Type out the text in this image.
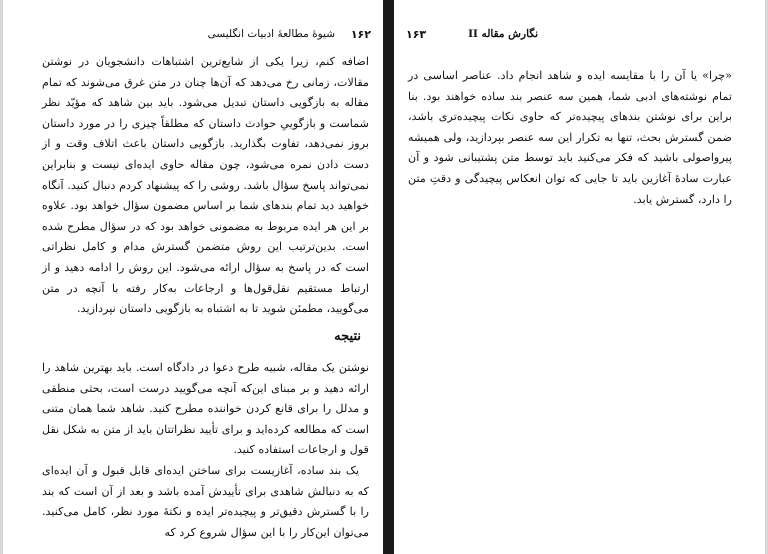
۱۶۲
شیوهٔ مطالعهٔ ادبیات انگلیسی

اضافه کنم، زیرا یکی از شایع‌ترین اشتباهات دانشجویان در نوشتن مقالات، زمانی رخ می‌دهد که آن‌ها چنان در متن غرق می‌شوند که تمام مقاله به بازگویی داستان تبدیل می‌شود. باید بین شاهد که مؤیّد نظر شماست و بازگوییِ حوادث داستان که مطلقاً چیزی را در مورد داستان بروز نمی‌دهد، تفاوت بگذارید. بازگویی داستان باعث اتلاف وقت و از دست دادن نمره می‌شود، چون مقاله حاوی ایده‌ای نیست و بنابراین نمی‌تواند پاسخ سؤال باشد. روشی را که پیشنهاد کردم دنبال کنید. آنگاه خواهید دید تمام بندهای شما بر اساس مضمون سؤال خواهد بود. علاوه بر این هر ایده مربوط به مضمونی خواهد بود که در سؤال مطرح شده است. بدین‌ترتیب این روش متضمن گسترش مدام و کامل نظراتی است که در پاسخ به سؤال ارائه می‌شود. این روش را ادامه دهید و از ارتباط مستقیم نقل‌قول‌ها و ارجاعات به‌کار رفته با آنچه در متن می‌گویید، مطمئن شوید تا به اشتباه به بازگویی داستان نپردازید.

نتیجه

نوشتن یک مقاله، شبیه طرح دعوا در دادگاه است. باید بهترین شاهد را ارائه دهید و بر مبنای این‌که آنچه می‌گویید درست است، بحثی منطقی و مدلل را برای قانع کردن خواننده مطرح کنید. شاهد شما همان متنی است که مطالعه کرده‌اید و برای تأیید نظراتتان باید از متن به شکل نقل قول و ارجاعات استفاده کنید.

یک بند ساده، آغازیست برای ساختن ایده‌ای قابل قبول و آن ایده‌ای که به دنبالش شاهدی برای تأییدش آمده باشد و بعد از آن است که بند را با گسترش دقیق‌تر و پیچیده‌تر ایده و نکتهٔ مورد نظر، کامل می‌کنید. می‌توان این‌کار را با این سؤال شروع کرد که

۱۶۳	نگارش مقاله II

«چرا» یا آن را با مقایسه ایده و شاهد انجام داد. عناصر اساسی در تمام نوشته‌های ادبی شما، همین سه عنصر بند ساده خواهند بود. بنا براین برای نوشتن بندهای پیچیده‌تر که حاوی نکات پیچیده‌تری باشد، ضمن گسترش بحث، تنها به تکرار این سه عنصر بپردازید، ولی همیشه پیرواصولی باشید که فکر می‌کنید باید توسط متن پشتیبانی شود و آن عبارت سادهٔ آغازین باید تا جایی که توان انعکاس پیچیدگی و دقتِ متن را دارد، گسترش یابد.
